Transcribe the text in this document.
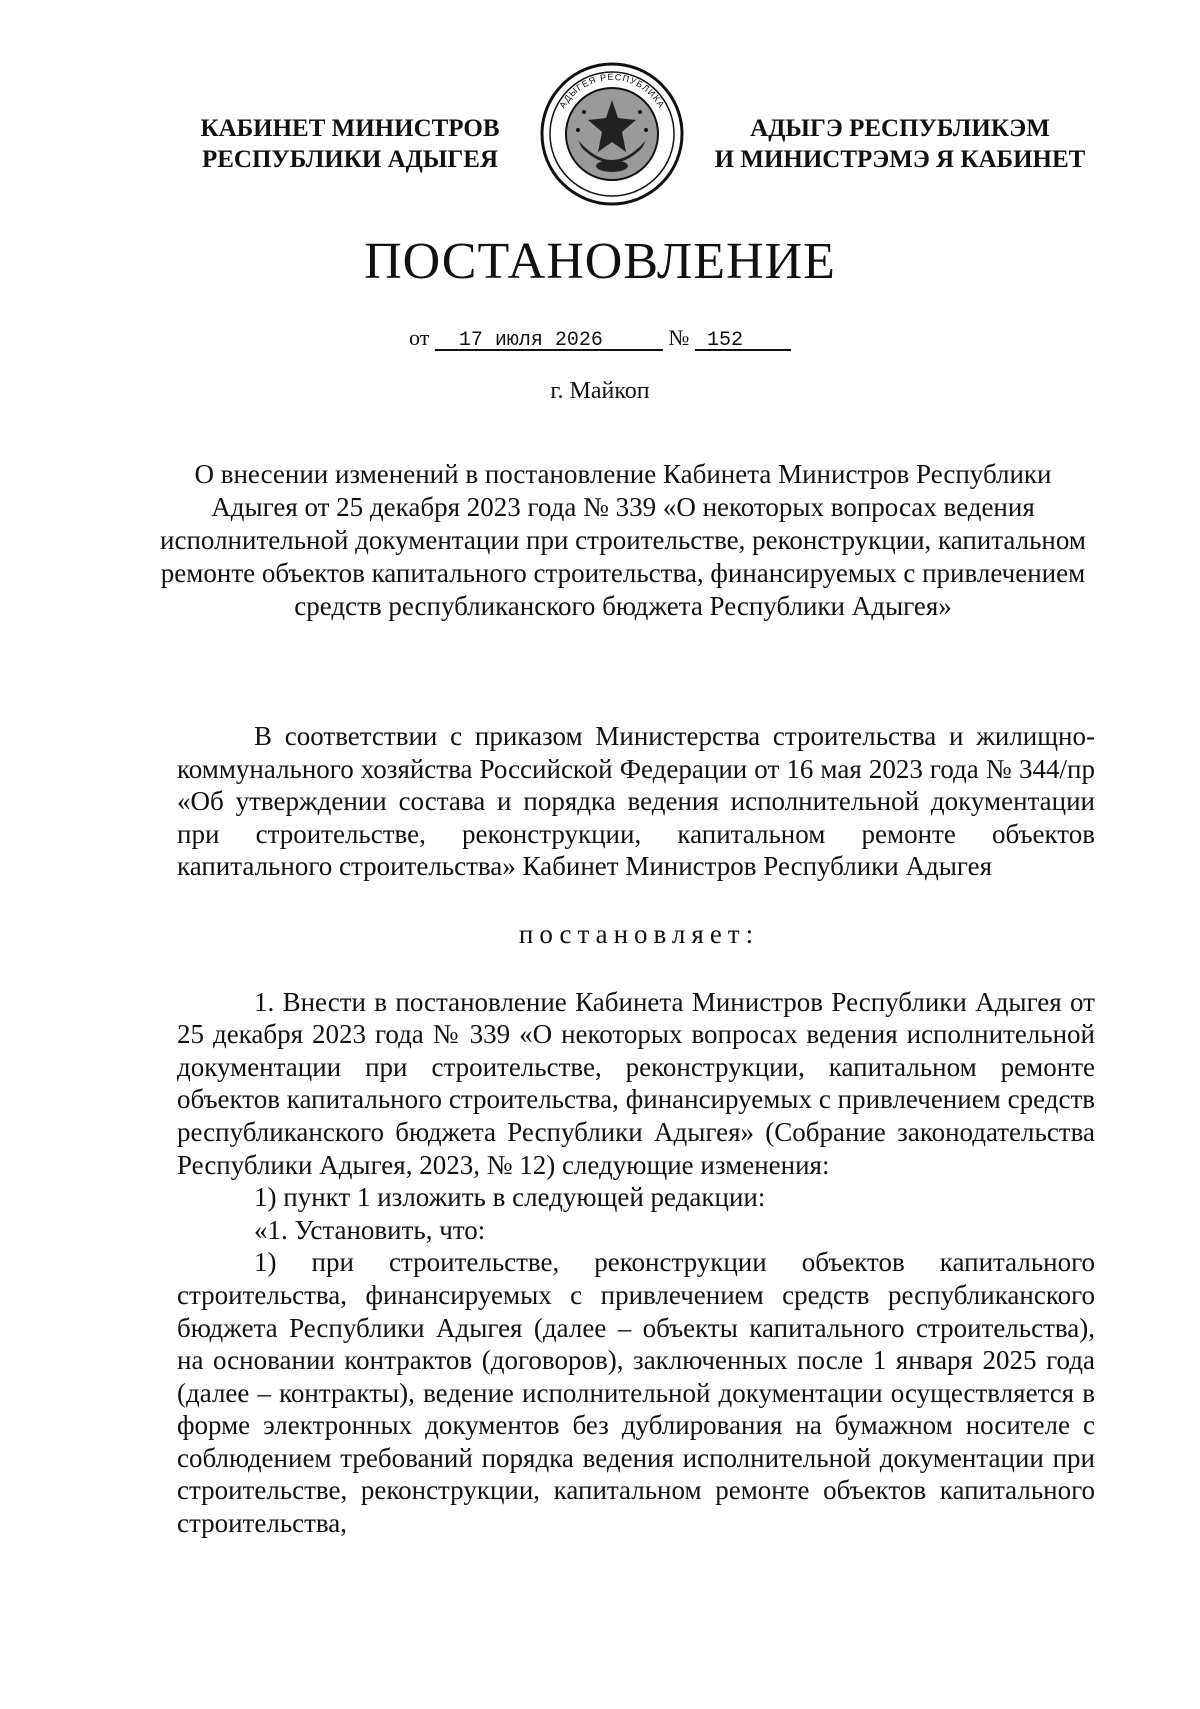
КАБИНЕТ МИНИСТРОВ
РЕСПУБЛИКИ АДЫГЕЯ
АДЫГЕЯ РЕСПУБЛИКА
АДЫГЭ РЕСПУБЛИКЭМ
И МИНИСТРЭМЭ Я КАБИНЕТ
ПОСТАНОВЛЕНИЕ
от 17 июля 2026	№ 152
г. Майкоп
О внесении изменений в постановление Кабинета Министров Республики Адыгея от 25 декабря 2023 года № 339 «О некоторых вопросах ведения исполнительной документации при строительстве, реконструкции, капитальном ремонте объектов капитального строительства, финансируемых с привлечением средств республиканского бюджета Республики Адыгея»

В соответствии с приказом Министерства строительства и жилищно-коммунального хозяйства Российской Федерации от 16 мая 2023 года № 344/пр «Об утверждении состава и порядка ведения исполнительной документации при строительстве, реконструкции, капитальном ремонте объектов капитального строительства» Кабинет Министров Республики Адыгея

постановляет:

1. Внести в постановление Кабинета Министров Республики Адыгея от 25 декабря 2023 года № 339 «О некоторых вопросах ведения исполнительной документации при строительстве, реконструкции, капитальном ремонте объектов капитального строительства, финансируемых с привлечением средств республиканского бюджета Республики Адыгея» (Собрание законодательства Республики Адыгея, 2023, № 12) следующие изменения:

1) пункт 1 изложить в следующей редакции:

«1. Установить, что:

1) при строительстве, реконструкции объектов капитального строительства, финансируемых с привлечением средств республиканского бюджета Республики Адыгея (далее – объекты капитального строительства), на основании контрактов (договоров), заключенных после 1 января 2025 года (далее – контракты), ведение исполнительной документации осуществляется в форме электронных документов без дублирования на бумажном носителе с соблюдением требований порядка ведения исполнительной документации при строительстве, реконструкции, капитальном ремонте объектов капитального строительства,
